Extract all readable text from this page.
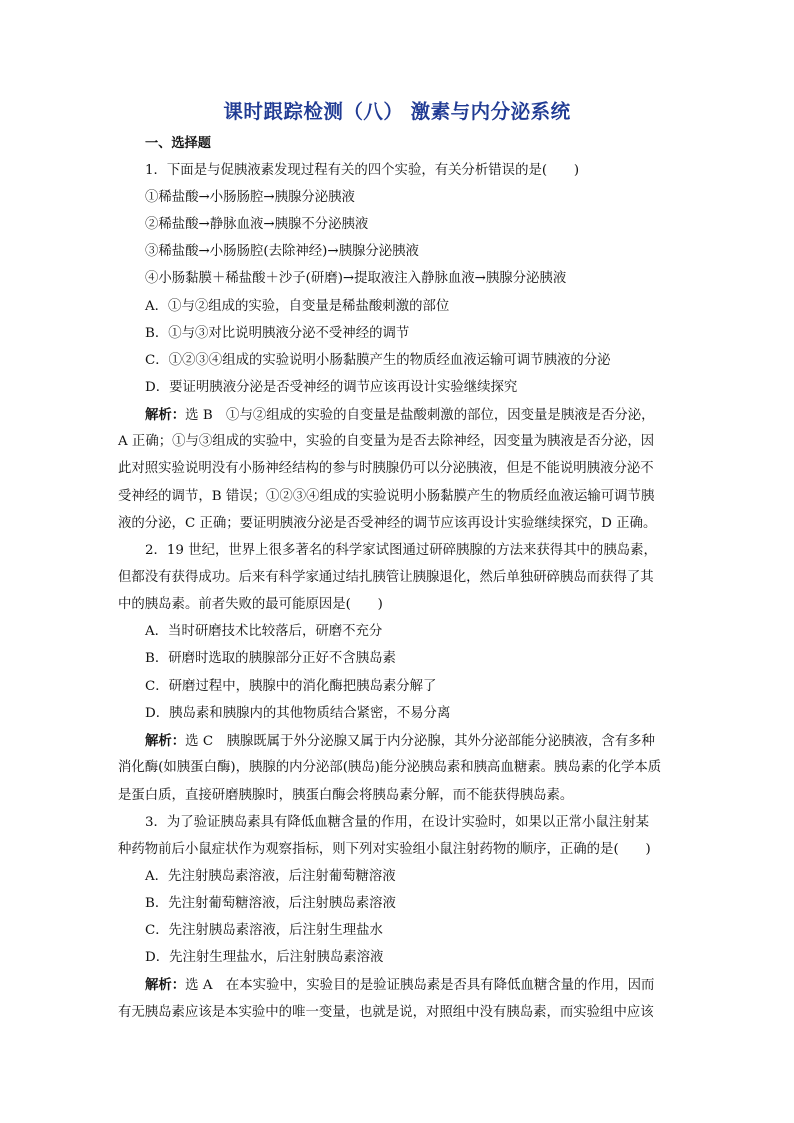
课时跟踪检测（八） 激素与内分泌系统
一、选择题
1．下面是与促胰液素发现过程有关的四个实验，有关分析错误的是(　　)
①稀盐酸→小肠肠腔→胰腺分泌胰液
②稀盐酸→静脉血液→胰腺不分泌胰液
③稀盐酸→小肠肠腔(去除神经)→胰腺分泌胰液
④小肠黏膜＋稀盐酸＋沙子(研磨)→提取液注入静脉血液→胰腺分泌胰液
A．①与②组成的实验，自变量是稀盐酸刺激的部位
B．①与③对比说明胰液分泌不受神经的调节
C．①②③④组成的实验说明小肠黏膜产生的物质经血液运输可调节胰液的分泌
D．要证明胰液分泌是否受神经的调节应该再设计实验继续探究
解析：选 B　①与②组成的实验的自变量是盐酸刺激的部位，因变量是胰液是否分泌，
A 正确；①与③组成的实验中，实验的自变量为是否去除神经，因变量为胰液是否分泌，因
此对照实验说明没有小肠神经结构的参与时胰腺仍可以分泌胰液，但是不能说明胰液分泌不
受神经的调节，B 错误；①②③④组成的实验说明小肠黏膜产生的物质经血液运输可调节胰
液的分泌，C 正确；要证明胰液分泌是否受神经的调节应该再设计实验继续探究，D 正确。
2．19 世纪，世界上很多著名的科学家试图通过研碎胰腺的方法来获得其中的胰岛素，
但都没有获得成功。后来有科学家通过结扎胰管让胰腺退化，然后单独研碎胰岛而获得了其
中的胰岛素。前者失败的最可能原因是(　　)
A．当时研磨技术比较落后，研磨不充分
B．研磨时选取的胰腺部分正好不含胰岛素
C．研磨过程中，胰腺中的消化酶把胰岛素分解了
D．胰岛素和胰腺内的其他物质结合紧密，不易分离
解析：选 C　胰腺既属于外分泌腺又属于内分泌腺，其外分泌部能分泌胰液，含有多种
消化酶(如胰蛋白酶)，胰腺的内分泌部(胰岛)能分泌胰岛素和胰高血糖素。胰岛素的化学本质
是蛋白质，直接研磨胰腺时，胰蛋白酶会将胰岛素分解，而不能获得胰岛素。
3．为了验证胰岛素具有降低血糖含量的作用，在设计实验时，如果以正常小鼠注射某
种药物前后小鼠症状作为观察指标，则下列对实验组小鼠注射药物的顺序，正确的是(　　)
A．先注射胰岛素溶液，后注射葡萄糖溶液
B．先注射葡萄糖溶液，后注射胰岛素溶液
C．先注射胰岛素溶液，后注射生理盐水
D．先注射生理盐水，后注射胰岛素溶液
解析：选 A　在本实验中，实验目的是验证胰岛素是否具有降低血糖含量的作用，因而
有无胰岛素应该是本实验中的唯一变量，也就是说，对照组中没有胰岛素，而实验组中应该
